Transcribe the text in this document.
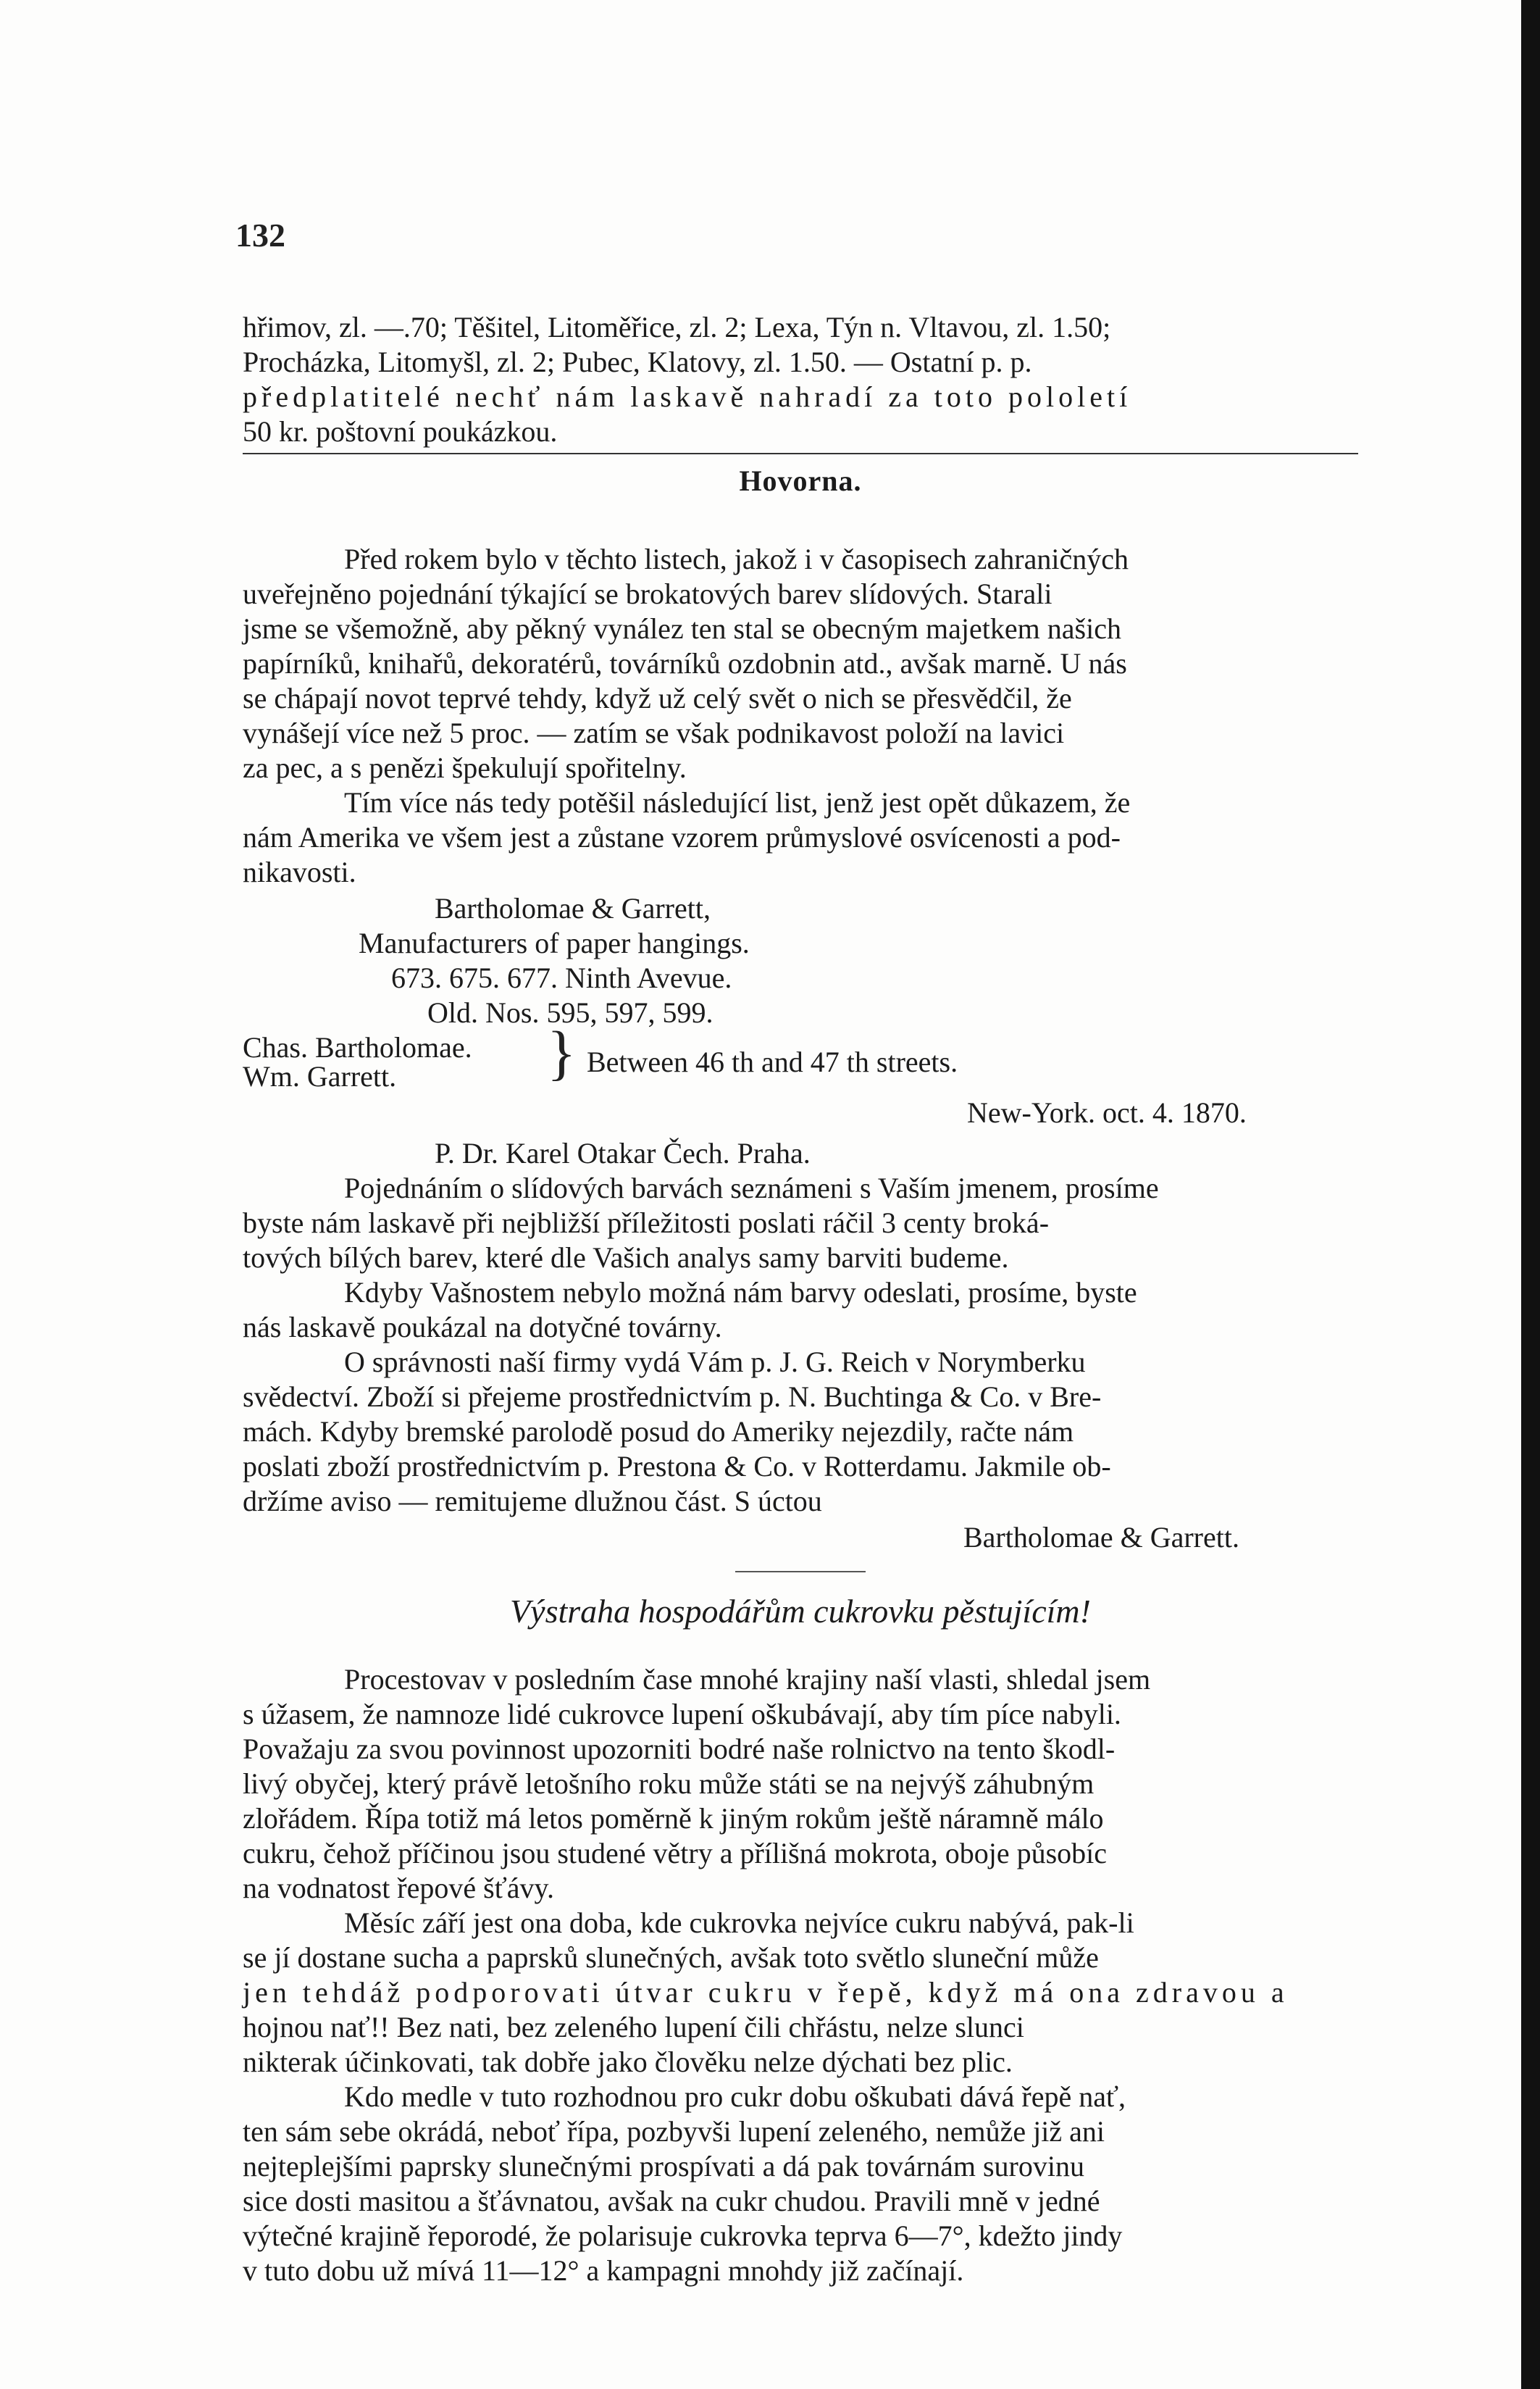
132

hřimov, zl. —.70; Těšitel, Litoměřice, zl. 2; Lexa, Týn n. Vltavou, zl. 1.50;

Procházka, Litomyšl, zl. 2; Pubec, Klatovy, zl. 1.50. — Ostatní p. p.

předplatitelé nechť nám laskavě nahradí za toto pololetí

50 kr. poštovní poukázkou.

Hovorna.

Před rokem bylo v těchto listech, jakož i v časopisech zahraničných

uveřejněno pojednání týkající se brokatových barev slídových. Starali

jsme se všemožně, aby pěkný vynález ten stal se obecným majetkem našich

papírníků, knihařů, dekoratérů, továrníků ozdobnin atd., avšak marně. U nás

se chápají novot teprvé tehdy, když už celý svět o nich se přesvědčil, že

vynášejí více než 5 proc. — zatím se však podnikavost položí na lavici

za pec, a s penězi špekulují spořitelny.

Tím více nás tedy potěšil následující list, jenž jest opět důkazem, že

nám Amerika ve všem jest a zůstane vzorem průmyslové osvícenosti a pod-

nikavosti.

Bartholomae & Garrett,
Manufacturers of paper hangings.
673. 675. 677. Ninth Avevue.
Old. Nos. 595, 597, 599.
Chas. Bartholomae.
Wm. Garrett. } Between 46 th and 47 th streets.
New-York. oct. 4. 1870.
P. Dr. Karel Otakar Čech. Praha.

Pojednáním o slídových barvách seznámeni s Vaším jmenem, prosíme

byste nám laskavě při nejbližší příležitosti poslati ráčil 3 centy broká-

tových bílých barev, které dle Vašich analys samy barviti budeme.

Kdyby Vašnostem nebylo možná nám barvy odeslati, prosíme, byste

nás laskavě poukázal na dotyčné továrny.

O správnosti naší firmy vydá Vám p. J. G. Reich v Norymberku

svědectví. Zboží si přejeme prostřednictvím p. N. Buchtinga & Co. v Bre-

mách. Kdyby bremské parolodě posud do Ameriky nejezdily, račte nám

poslati zboží prostřednictvím p. Prestona & Co. v Rotterdamu. Jakmile ob-

držíme aviso — remitujeme dlužnou část. S úctou

Bartholomae & Garrett.
Výstraha hospodářům cukrovku pěstujícím!

Procestovav v posledním čase mnohé krajiny naší vlasti, shledal jsem

s úžasem, že namnoze lidé cukrovce lupení oškubávají, aby tím píce nabyli.

Považaju za svou povinnost upozorniti bodré naše rolnictvo na tento škodl-

livý obyčej, který právě letošního roku může státi se na nejvýš záhubným

zlořádem. Řípa totiž má letos poměrně k jiným rokům ještě náramně málo

cukru, čehož příčinou jsou studené větry a přílišná mokrota, oboje působíc

na vodnatost řepové šťávy.

Měsíc září jest ona doba, kde cukrovka nejvíce cukru nabývá, pak-li

se jí dostane sucha a paprsků slunečných, avšak toto světlo sluneční může

jen tehdáž podporovati útvar cukru v řepě, když má ona zdravou a

hojnou nať!! Bez nati, bez zeleného lupení čili chřástu, nelze slunci

nikterak účinkovati, tak dobře jako člověku nelze dýchati bez plic.

Kdo medle v tuto rozhodnou pro cukr dobu oškubati dává řepě nať,

ten sám sebe okrádá, neboť řípa, pozbyvši lupení zeleného, nemůže již ani

nejteplejšími paprsky slunečnými prospívati a dá pak továrnám surovinu

sice dosti masitou a šťávnatou, avšak na cukr chudou. Pravili mně v jedné

výtečné krajině řeporodé, že polarisuje cukrovka teprva 6—7°, kdežto jindy

v tuto dobu už mívá 11—12° a kampagni mnohdy již začínají.
